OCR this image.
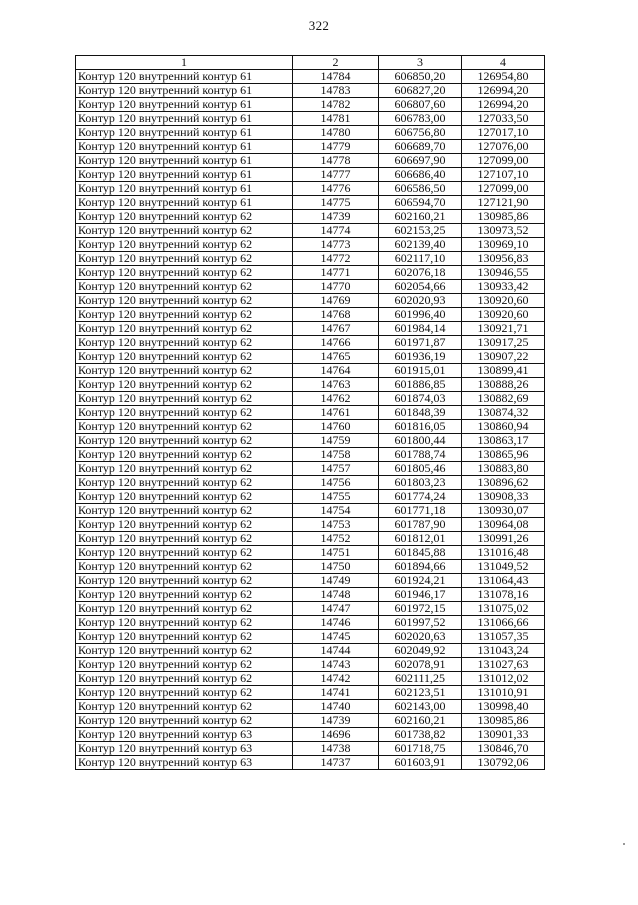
322
1	2	3	4
Контур 120 внутренний контур 61	14784	606850,20	126954,80
Контур 120 внутренний контур 61	14783	606827,20	126994,20
Контур 120 внутренний контур 61	14782	606807,60	126994,20
Контур 120 внутренний контур 61	14781	606783,00	127033,50
Контур 120 внутренний контур 61	14780	606756,80	127017,10
Контур 120 внутренний контур 61	14779	606689,70	127076,00
Контур 120 внутренний контур 61	14778	606697,90	127099,00
Контур 120 внутренний контур 61	14777	606686,40	127107,10
Контур 120 внутренний контур 61	14776	606586,50	127099,00
Контур 120 внутренний контур 61	14775	606594,70	127121,90
Контур 120 внутренний контур 62	14739	602160,21	130985,86
Контур 120 внутренний контур 62	14774	602153,25	130973,52
Контур 120 внутренний контур 62	14773	602139,40	130969,10
Контур 120 внутренний контур 62	14772	602117,10	130956,83
Контур 120 внутренний контур 62	14771	602076,18	130946,55
Контур 120 внутренний контур 62	14770	602054,66	130933,42
Контур 120 внутренний контур 62	14769	602020,93	130920,60
Контур 120 внутренний контур 62	14768	601996,40	130920,60
Контур 120 внутренний контур 62	14767	601984,14	130921,71
Контур 120 внутренний контур 62	14766	601971,87	130917,25
Контур 120 внутренний контур 62	14765	601936,19	130907,22
Контур 120 внутренний контур 62	14764	601915,01	130899,41
Контур 120 внутренний контур 62	14763	601886,85	130888,26
Контур 120 внутренний контур 62	14762	601874,03	130882,69
Контур 120 внутренний контур 62	14761	601848,39	130874,32
Контур 120 внутренний контур 62	14760	601816,05	130860,94
Контур 120 внутренний контур 62	14759	601800,44	130863,17
Контур 120 внутренний контур 62	14758	601788,74	130865,96
Контур 120 внутренний контур 62	14757	601805,46	130883,80
Контур 120 внутренний контур 62	14756	601803,23	130896,62
Контур 120 внутренний контур 62	14755	601774,24	130908,33
Контур 120 внутренний контур 62	14754	601771,18	130930,07
Контур 120 внутренний контур 62	14753	601787,90	130964,08
Контур 120 внутренний контур 62	14752	601812,01	130991,26
Контур 120 внутренний контур 62	14751	601845,88	131016,48
Контур 120 внутренний контур 62	14750	601894,66	131049,52
Контур 120 внутренний контур 62	14749	601924,21	131064,43
Контур 120 внутренний контур 62	14748	601946,17	131078,16
Контур 120 внутренний контур 62	14747	601972,15	131075,02
Контур 120 внутренний контур 62	14746	601997,52	131066,66
Контур 120 внутренний контур 62	14745	602020,63	131057,35
Контур 120 внутренний контур 62	14744	602049,92	131043,24
Контур 120 внутренний контур 62	14743	602078,91	131027,63
Контур 120 внутренний контур 62	14742	602111,25	131012,02
Контур 120 внутренний контур 62	14741	602123,51	131010,91
Контур 120 внутренний контур 62	14740	602143,00	130998,40
Контур 120 внутренний контур 62	14739	602160,21	130985,86
Контур 120 внутренний контур 63	14696	601738,82	130901,33
Контур 120 внутренний контур 63	14738	601718,75	130846,70
Контур 120 внутренний контур 63	14737	601603,91	130792,06
